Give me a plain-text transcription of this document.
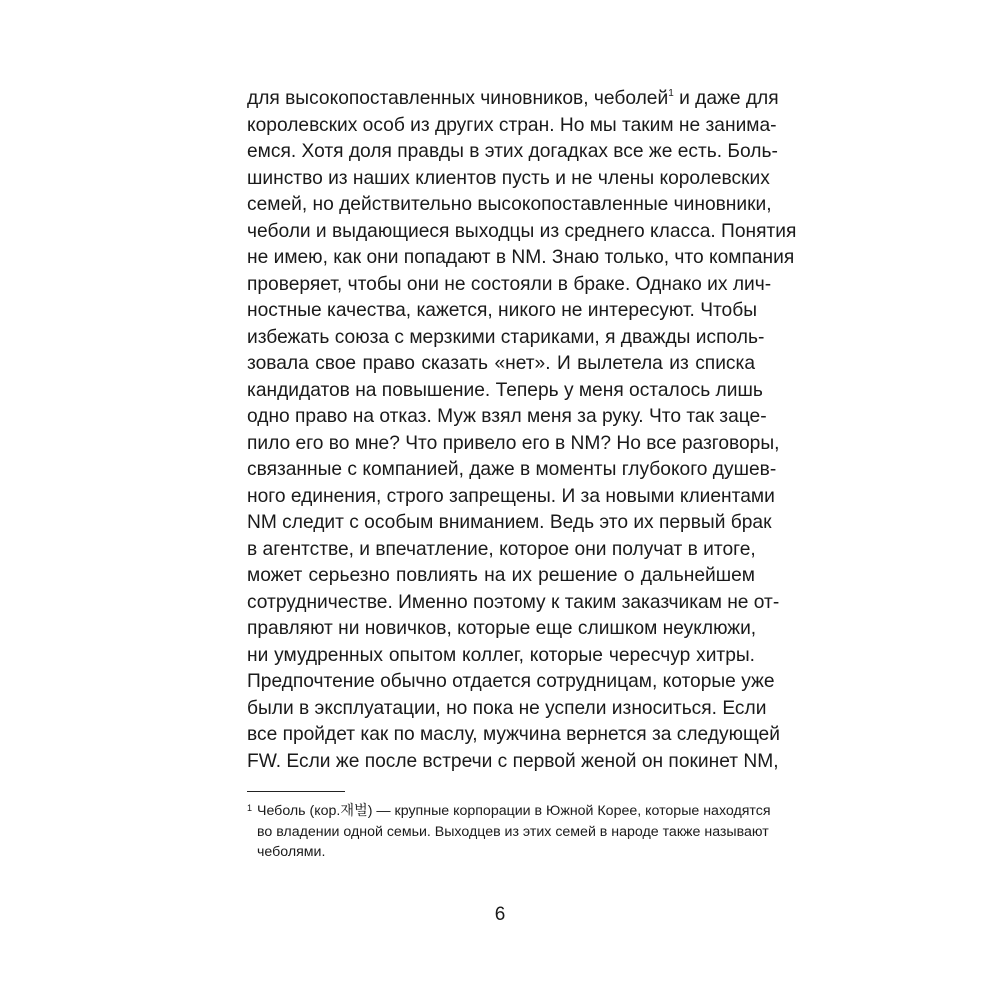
для высокопоставленных чиновников, чеболей$^1$ и даже для
королевских особ из других стран. Но мы таким не занима-
емся. Хотя доля правды в этих догадках все же есть. Боль-
шинство из наших клиентов пусть и не члены королевских
семей, но действительно высокопоставленные чиновники,
чеболи и выдающиеся выходцы из среднего класса. Понятия
не имею, как они попадают в NM. Знаю только, что компания
проверяет, чтобы они не состояли в браке. Однако их лич-
ностные качества, кажется, никого не интересуют. Чтобы
избежать союза с мерзкими стариками, я дважды исполь-
зовала свое право сказать «нет». И вылетела из списка
кандидатов на повышение. Теперь у меня осталось лишь
одно право на отказ. Муж взял меня за руку. Что так заце-
пило его во мне? Что привело его в NM? Но все разговоры,
связанные с компанией, даже в моменты глубокого душев-
ного единения, строго запрещены. И за новыми клиентами
NM следит с особым вниманием. Ведь это их первый брак
в агентстве, и впечатление, которое они получат в итоге,
может серьезно повлиять на их решение о дальнейшем
сотрудничестве. Именно поэтому к таким заказчикам не от-
правляют ни новичков, которые еще слишком неуклюжи,
ни умудренных опытом коллег, которые чересчур хитры.
Предпочтение обычно отдается сотрудницам, которые уже
были в эксплуатации, но пока не успели износиться. Если
все пройдет как по маслу, мужчина вернется за следующей
FW. Если же после встречи с первой женой он покинет NM,
1 Чеболь (кор.재벌) — крупные корпорации в Южной Корее, которые находятся
во владении одной семьи. Выходцев из этих семей в народе также называют
чеболями.
6
